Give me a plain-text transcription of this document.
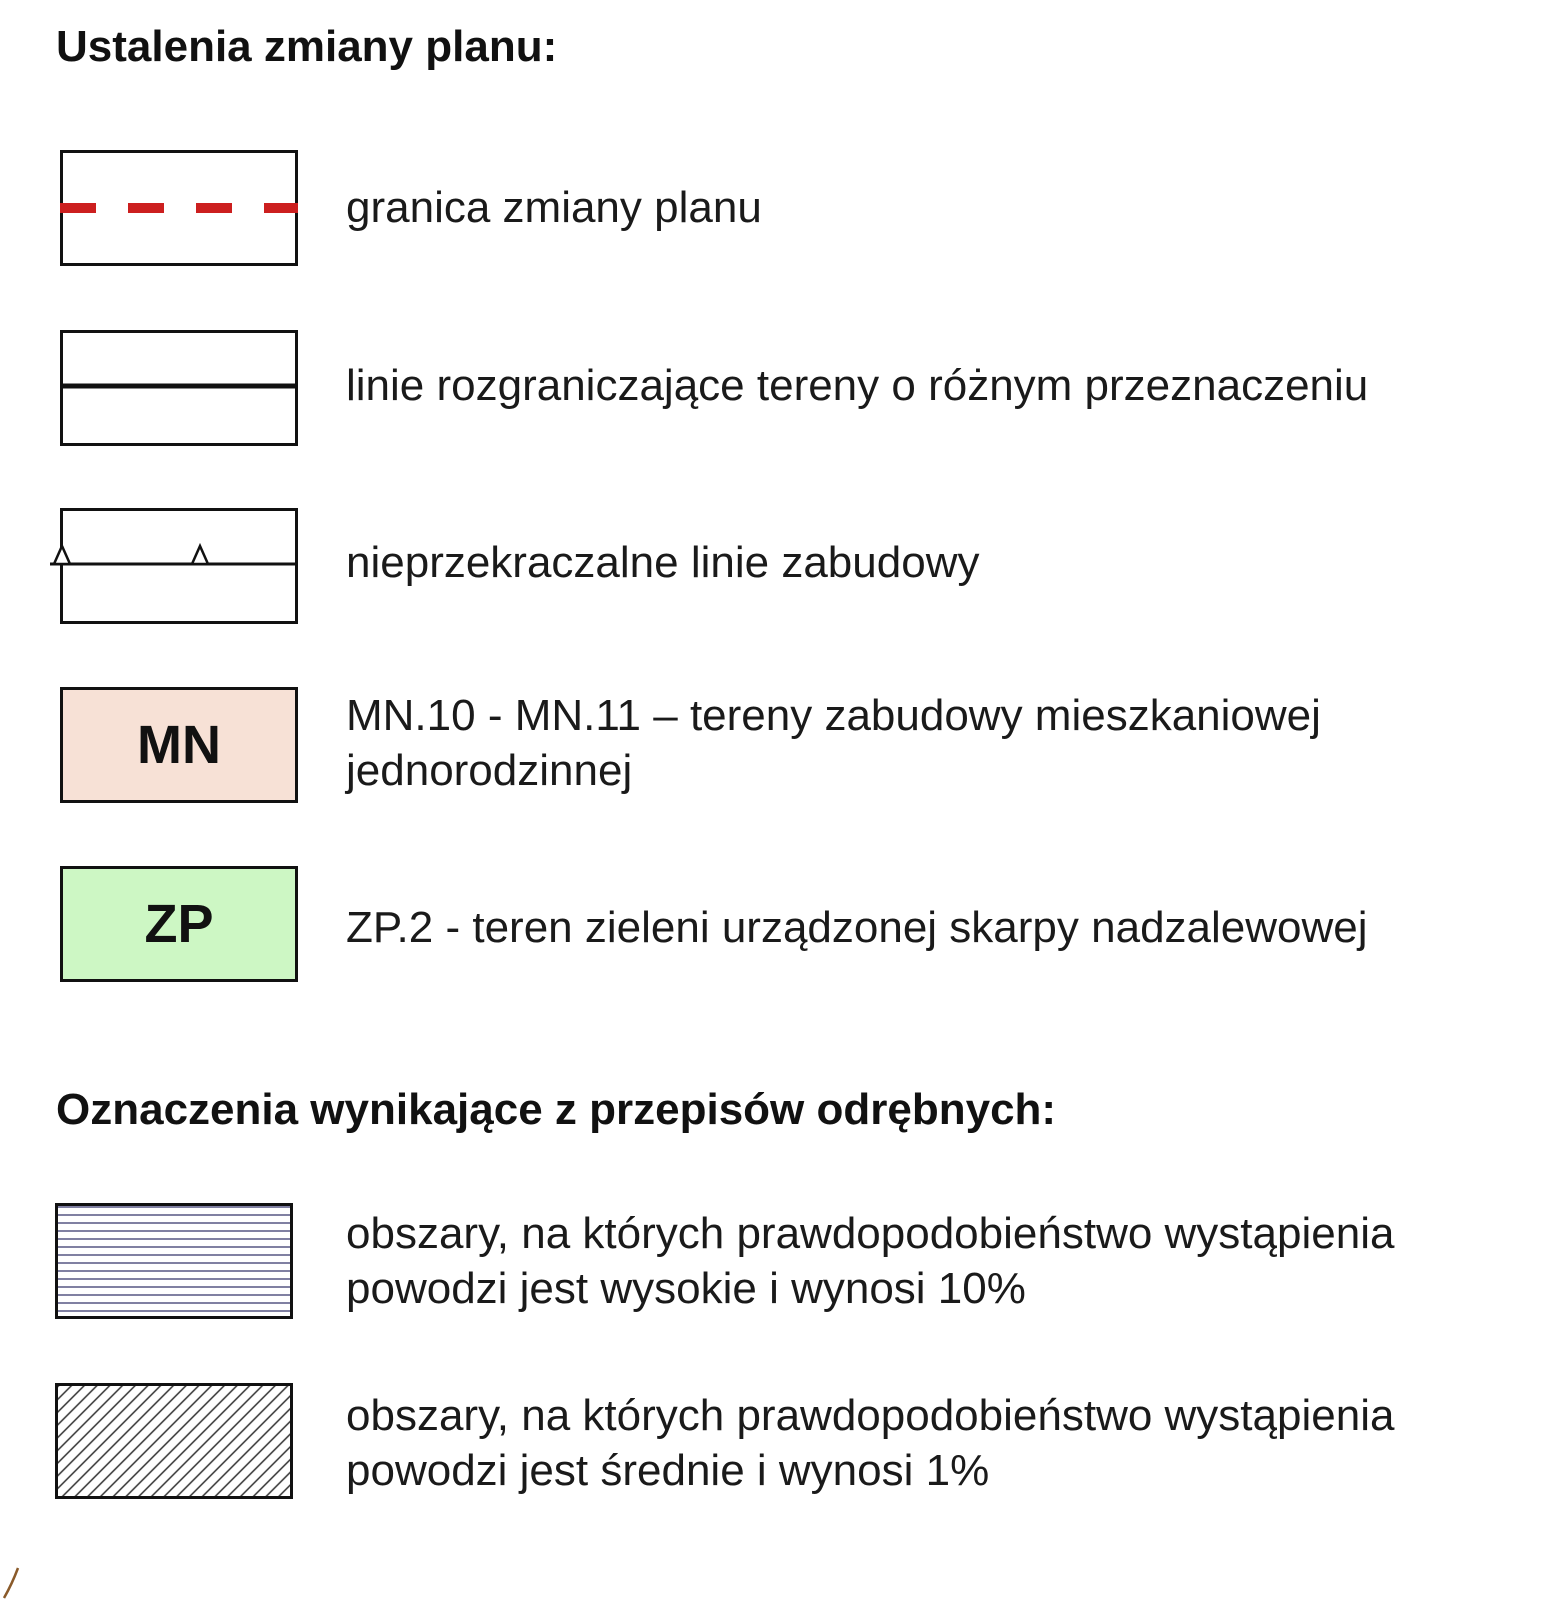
Ustalenia zmiany planu:
granica zmiany planu
linie rozgraniczające tereny o różnym przeznaczeniu
nieprzekraczalne linie zabudowy
MN	MN.10 - MN.11 – tereny zabudowy mieszkaniowej
jednorodzinnej
ZP	ZP.2 - teren zieleni urządzonej skarpy nadzalewowej
Oznaczenia wynikające z przepisów odrębnych:
obszary, na których prawdopodobieństwo wystąpienia
powodzi jest wysokie i wynosi 10%
obszary, na których prawdopodobieństwo wystąpienia
powodzi jest średnie i wynosi 1%
